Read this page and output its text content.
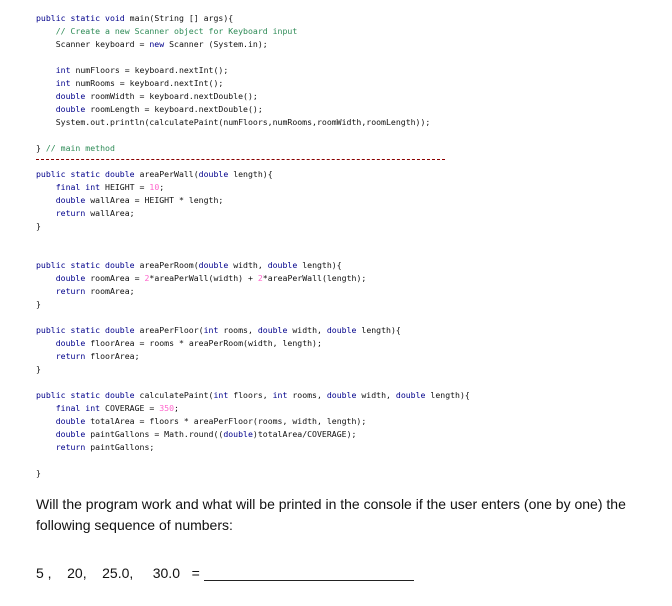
public static void main(String [] args){
// Create a new Scanner object for Keyboard input
Scanner keyboard = new Scanner (System.in);
int numFloors = keyboard.nextInt();
int numRooms = keyboard.nextInt();
double roomWidth = keyboard.nextDouble();
double roomLength = keyboard.nextDouble();
System.out.println(calculatePaint(numFloors,numRooms,roomWidth,roomLength));
} // main method
public static double areaPerWall(double length){
final int HEIGHT = 10;
double wallArea = HEIGHT * length;
return wallArea;
}
public static double areaPerRoom(double width, double length){
double roomArea = 2*areaPerWall(width) + 2*areaPerWall(length);
return roomArea;
}
public static double areaPerFloor(int rooms, double width, double length){
double floorArea = rooms * areaPerRoom(width, length);
return floorArea;
}
public static double calculatePaint(int floors, int rooms, double width, double length){
final int COVERAGE = 350;
double totalArea = floors * areaPerFloor(rooms, width, length);
double paintGallons = Math.round((double)totalArea/COVERAGE);
return paintGallons;
}
Will the program work and what will be printed in the console if the user enters (one by one) the following sequence of numbers:
5 ,    20,    25.0,     30.0   =
